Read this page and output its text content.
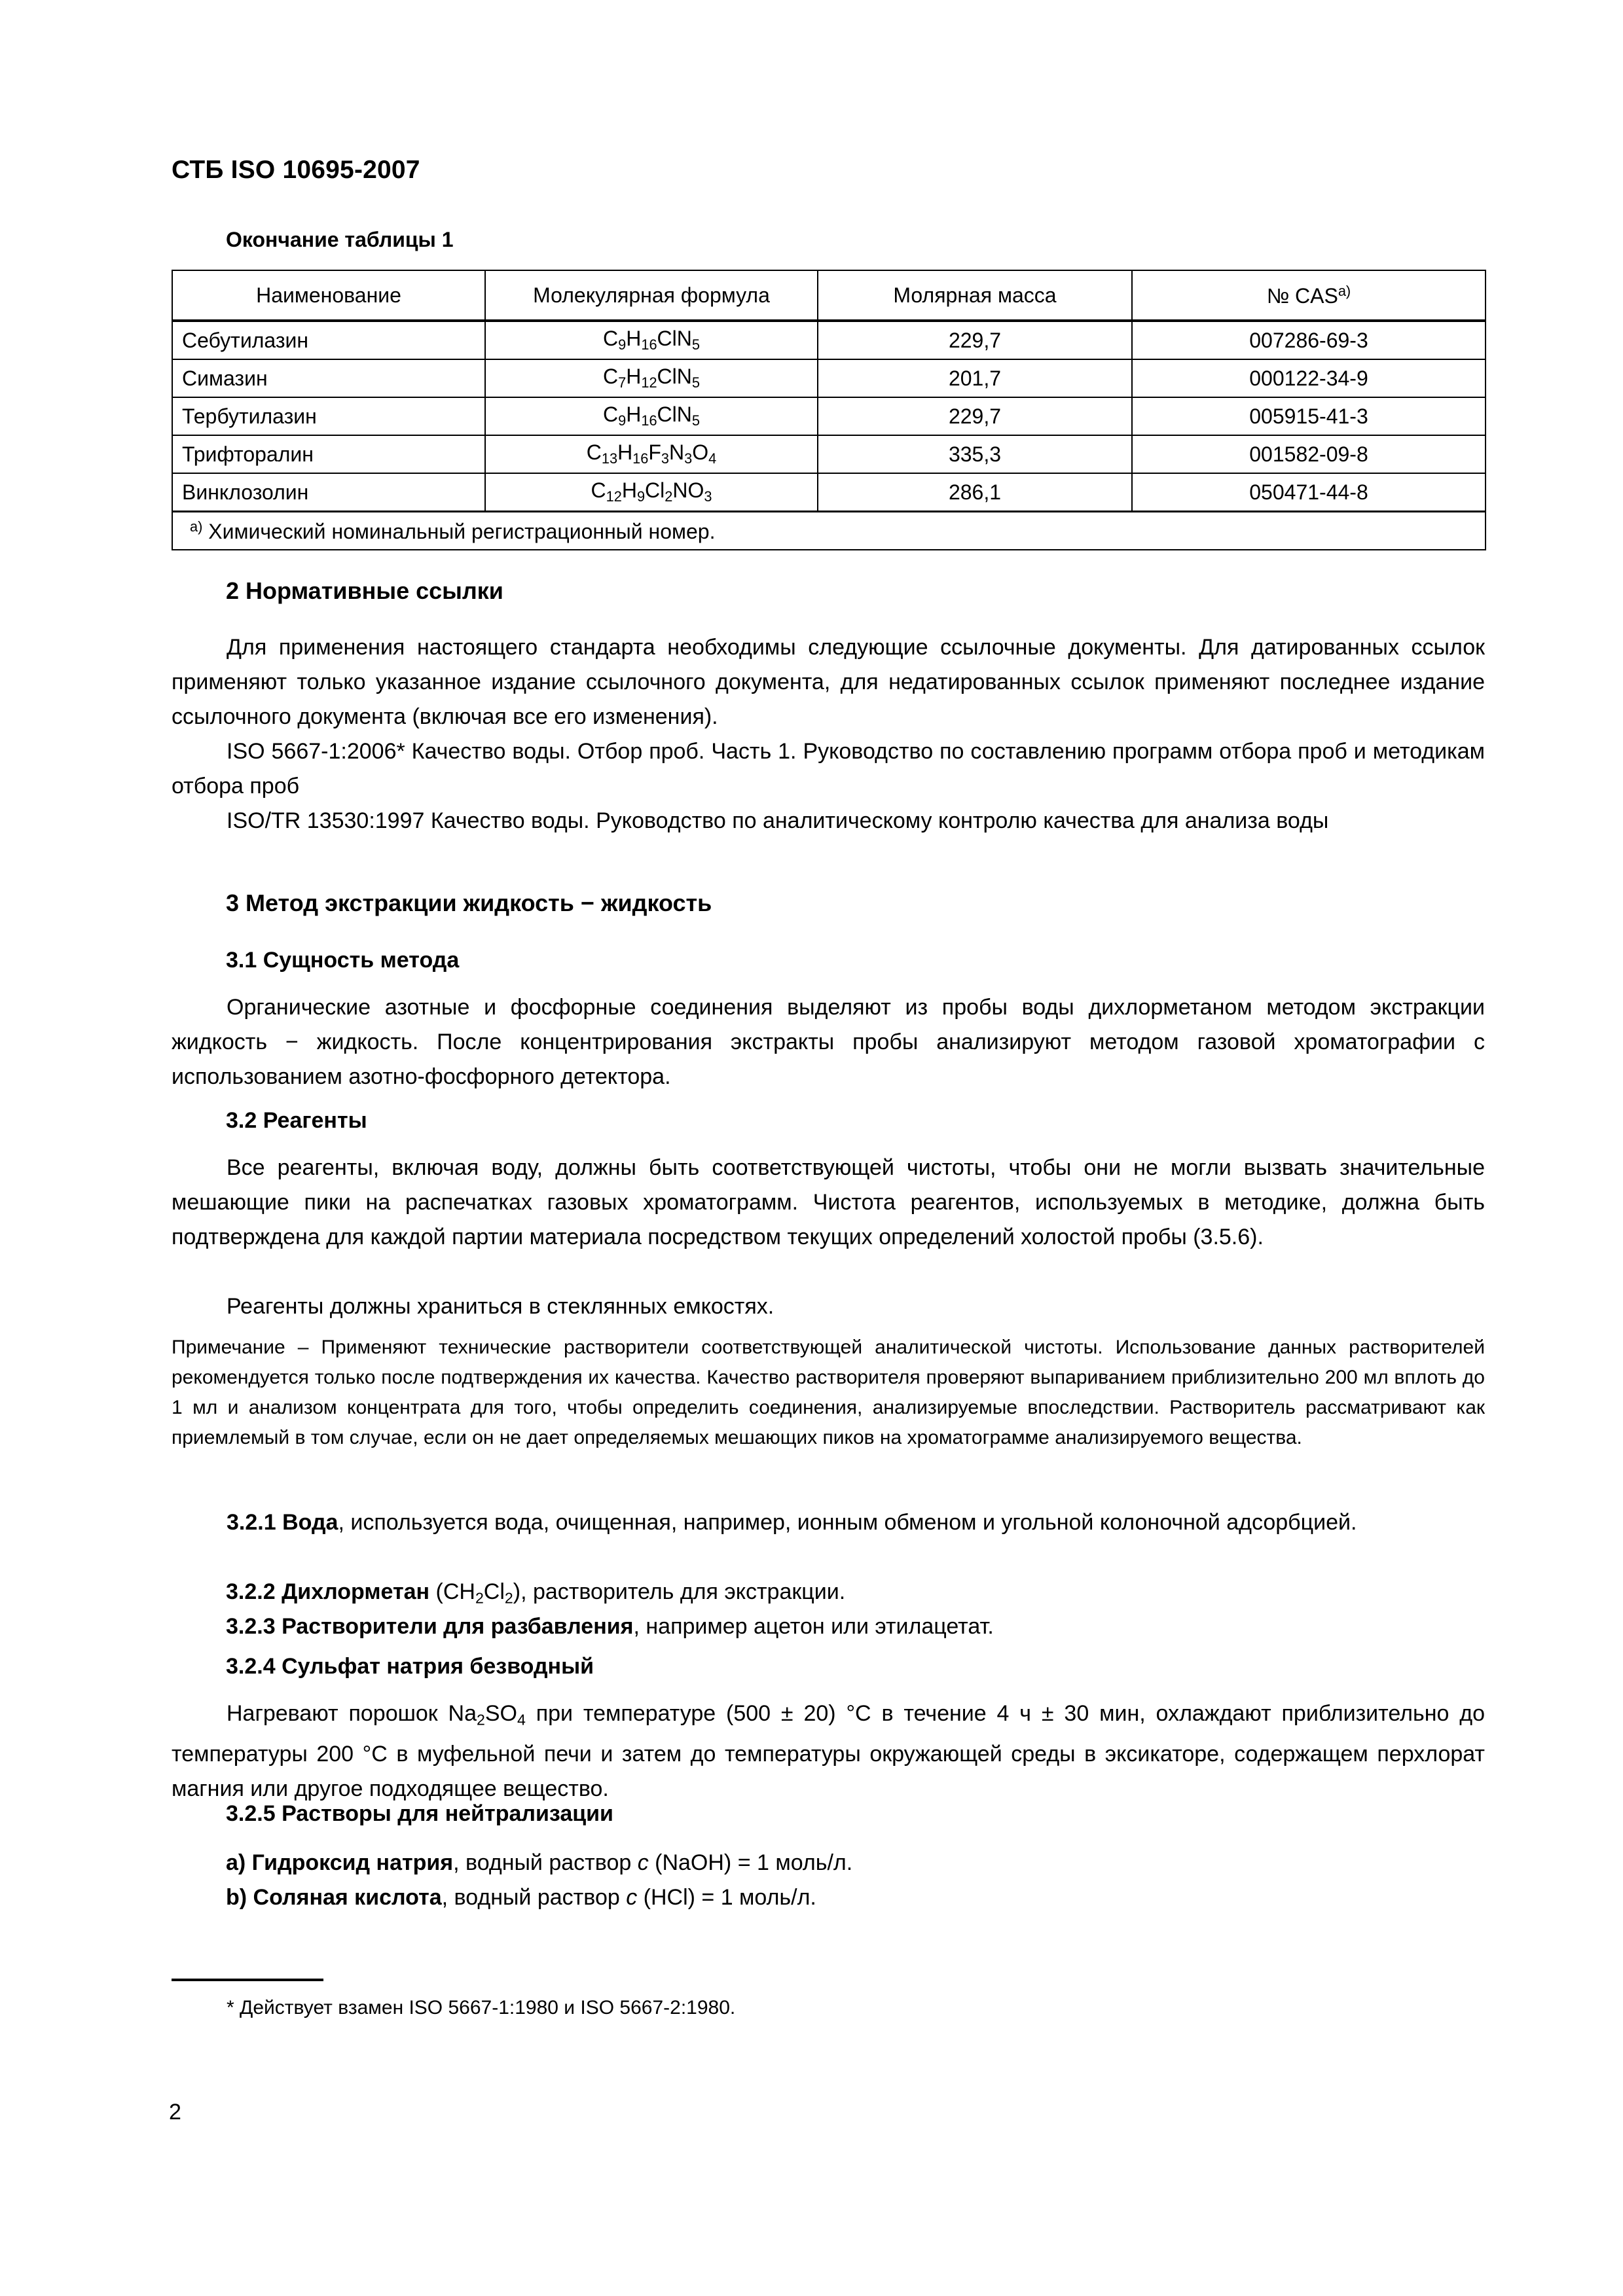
СТБ ISO 10695-2007
Окончание таблицы 1
Наименование	Молекулярная формула	Молярная масса	№ CAS$^{a)}$
Себутилазин	$C_9H_{16}ClN_5$	229,7	007286-69-3
Симазин	$C_7H_{12}ClN_5$	201,7	000122-34-9
Тербутилазин	$C_9H_{16}ClN_5$	229,7	005915-41-3
Трифторалин	$C_{13}H_{16}F_3N_3O_4$	335,3	001582-09-8
Винклозолин	$C_{12}H_9Cl_2NO_3$	286,1	050471-44-8
$^{a)}$ Химический номинальный регистрационный номер.			
2 Нормативные ссылки
Для применения настоящего стандарта необходимы следующие ссылочные документы. Для датированных ссылок применяют только указанное издание ссылочного документа, для недатированных ссылок применяют последнее издание ссылочного документа (включая все его изменения).
ISO 5667-1:2006* Качество воды. Отбор проб. Часть 1. Руководство по составлению программ отбора проб и методикам отбора проб
ISO/TR 13530:1997 Качество воды. Руководство по аналитическому контролю качества для анализа воды
3 Метод экстракции жидкость − жидкость
3.1 Сущность метода
Органические азотные и фосфорные соединения выделяют из пробы воды дихлорметаном методом экстракции жидкость − жидкость. После концентрирования экстракты пробы анализируют методом газовой хроматографии с использованием азотно-фосфорного детектора.
3.2 Реагенты
Все реагенты, включая воду, должны быть соответствующей чистоты, чтобы они не могли вызвать значительные мешающие пики на распечатках газовых хроматограмм. Чистота реагентов, используемых в методике, должна быть подтверждена для каждой партии материала посредством текущих определений холостой пробы (3.5.6).
Реагенты должны храниться в стеклянных емкостях.
Примечание – Применяют технические растворители соответствующей аналитической чистоты. Использование данных растворителей рекомендуется только после подтверждения их качества. Качество растворителя проверяют выпариванием приблизительно 200 мл вплоть до 1 мл и анализом концентрата для того, чтобы определить соединения, анализируемые впоследствии. Растворитель рассматривают как приемлемый в том случае, если он не дает определяемых мешающих пиков на хроматограмме анализируемого вещества.
3.2.1 Вода, используется вода, очищенная, например, ионным обменом и угольной колоночной адсорбцией.
3.2.2 Дихлорметан $(CH_2Cl_2)$, растворитель для экстракции.
3.2.3 Растворители для разбавления, например ацетон или этилацетат.
3.2.4 Сульфат натрия безводный
Нагревают порошок $Na_2SO_4$ при температуре (500 ± 20) °С в течение 4 ч ± 30 мин, охлаждают приблизительно до температуры 200 °С в муфельной печи и затем до температуры окружающей среды в эксикаторе, содержащем перхлорат магния или другое подходящее вещество.
3.2.5 Растворы для нейтрализации
a) Гидроксид натрия, водный раствор c (NaOH) = 1 моль/л.
b) Соляная кислота, водный раствор c (HCl) = 1 моль/л.
* Действует взамен ISO 5667-1:1980 и ISO 5667-2:1980.
2
